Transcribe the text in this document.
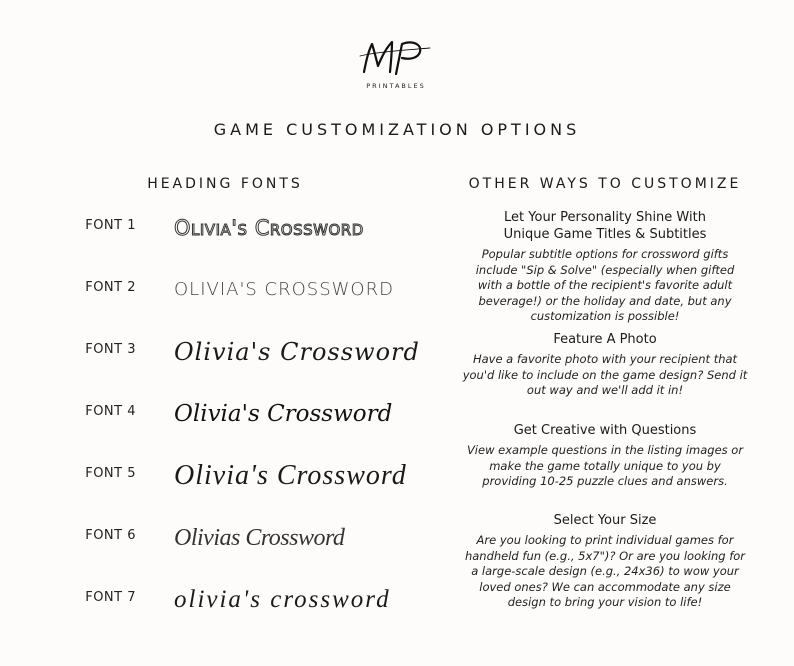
PRINTABLES
GAME CUSTOMIZATION OPTIONS
HEADING FONTS
FONT 1 Olivia's Crossword
FONT 2 OLIVIA'S CROSSWORD
FONT 3 Olivia's Crossword
FONT 4 Olivia's Crossword
FONT 5 Olivia's Crossword
FONT 6 Olivias Crossword
FONT 7 olivia's crossword
OTHER WAYS TO CUSTOMIZE
Let Your Personality Shine With
Unique Game Titles & Subtitles

Popular subtitle options for crossword gifts include "Sip & Solve" (especially when gifted with a bottle of the recipient's favorite adult beverage!) or the holiday and date, but any customization is possible!

Feature A Photo

Have a favorite photo with your recipient that you'd like to include on the game design? Send it out way and we'll add it in!

Get Creative with Questions

View example questions in the listing images or make the game totally unique to you by providing 10-25 puzzle clues and answers.

Select Your Size

Are you looking to print individual games for handheld fun (e.g., 5x7")? Or are you looking for a large-scale design (e.g., 24x36) to wow your loved ones? We can accommodate any size design to bring your vision to life!
